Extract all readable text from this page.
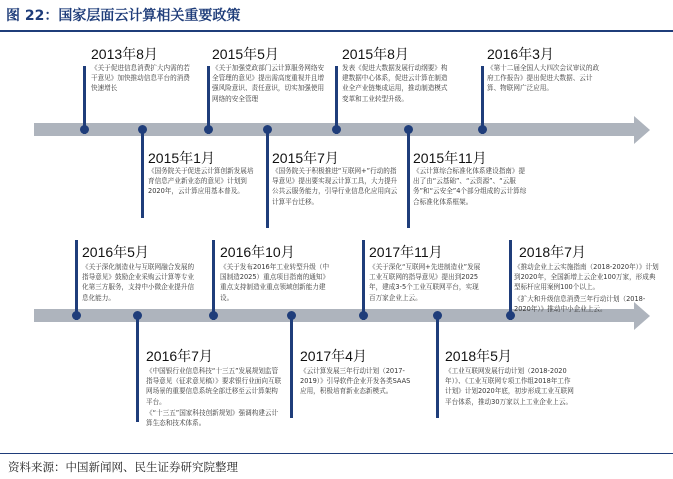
图 22：国家层面云计算相关重要政策
2013年8月

《关于促进信息消费扩大内需的若干意见》加快推动信息平台的消费快速增长

2015年5月

《关于加强党政部门云计算服务网络安全管理的意见》提出需高度重视并且增强风险意识、责任意识，切实加强使用网络的安全管理

2015年8月

发表《促进大数据发展行动纲要》构建数据中心体系，促进云计算在制造业全产业链集成运用，推动制造模式变革和工业转型升级。

2016年3月

《第十二届全国人大四次会议审议的政府工作报告》提出促进大数据、云计算、物联网广泛应用。

2015年1月

《国务院关于促进云计算创新发展培育信息产业新业态的意见》计划到2020年，云计算应用基本普及。

2015年7月

《国务院关于积极推进“互联网+”行动的指导意见》提出要实现云计算工具，大力提升公共云服务能力，引导行业信息化应用向云计算平台迁移。

2015年11月

《云计算综合标准化体系建设指南》提出了由“云基础”、“云资源”、“云服务”和“云安全”4个部分组成的云计算综合标准化体系框架。

2016年5月

《关于深化制造业与互联网融合发展的指导意见》鼓励企业采购云计算等专业化第三方服务，支持中小微企业提升信息化能力。

2016年10月

《关于发布2016年工业转型升级（中国制造2025）重点项目指南的通知》重点支持制造业重点领域创新能力建设。

2017年11月

《关于深化“互联网+先进制造业”发展工业互联网的指导意见》提出到2025年，建成3-5个工业互联网平台，实现百万家企业上云。

2018年7月

《推动企业上云实施指南（2018-2020年）》计划到2020年，全国新增上云企业100万家，形成典型标杆应用案例100个以上。

《扩大和升级信息消费三年行动计划（2018-2020年）》推动中小企业上云。

2016年7月

《中国银行业信息科技“十三五”发展规划监管指导意见（征求意见稿）》要求银行业面向互联网场景的重要信息系统全部迁移至云计算架构平台。

《“十三五”国家科技创新规划》强调构建云计算生态和技术体系。

2017年4月

《云计算发展三年行动计划（2017-2019）》引导软件企业开发各类SAAS应用，积极培育新业态新模式。

2018年5月

《工业互联网发展行动计划（2018-2020年）》、《工业互联网专项工作组2018年工作计划》计划2020年底，初步形成工业互联网平台体系，推动30万家以上工业企业上云。

资料来源：中国新闻网、民生证券研究院整理
